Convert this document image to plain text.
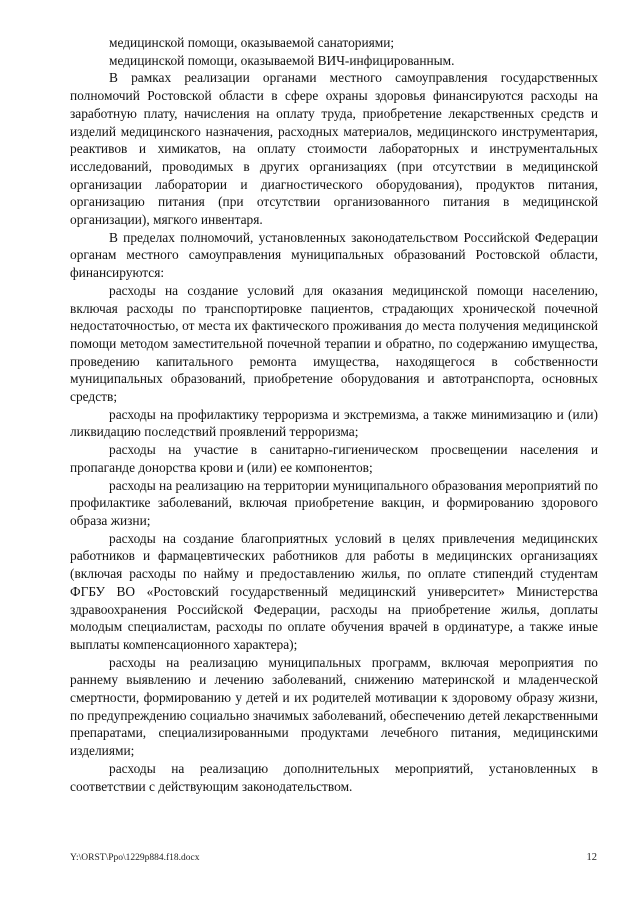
медицинской помощи, оказываемой санаториями;

медицинской помощи, оказываемой ВИЧ-инфицированным.

В рамках реализации органами местного самоуправления государственных полномочий Ростовской области в сфере охраны здоровья финансируются расходы на заработную плату, начисления на оплату труда, приобретение лекарственных средств и изделий медицинского назначения, расходных материалов, медицинского инструментария, реактивов и химикатов, на оплату стоимости лабораторных и инструментальных исследований, проводимых в других организациях (при отсутствии в медицинской организации лаборатории и диагностического оборудования), продуктов питания, организацию питания (при отсутствии организованного питания в медицинской организации), мягкого инвентаря.

В пределах полномочий, установленных законодательством Российской Федерации органам местного самоуправления муниципальных образований Ростовской области, финансируются:

расходы на создание условий для оказания медицинской помощи населению, включая расходы по транспортировке пациентов, страдающих хронической почечной недостаточностью, от места их фактического проживания до места получения медицинской помощи методом заместительной почечной терапии и обратно, по содержанию имущества, проведению капитального ремонта имущества, находящегося в собственности муниципальных образований, приобретение оборудования и автотранспорта, основных средств;

расходы на профилактику терроризма и экстремизма, а также минимизацию и (или) ликвидацию последствий проявлений терроризма;

расходы на участие в санитарно-гигиеническом просвещении населения и пропаганде донорства крови и (или) ее компонентов;

расходы на реализацию на территории муниципального образования мероприятий по профилактике заболеваний, включая приобретение вакцин, и формированию здорового образа жизни;

расходы на создание благоприятных условий в целях привлечения медицинских работников и фармацевтических работников для работы в медицинских организациях (включая расходы по найму и предоставлению жилья, по оплате стипендий студентам ФГБУ ВО «Ростовский государственный медицинский университет» Министерства здравоохранения Российской Федерации, расходы на приобретение жилья, доплаты молодым специалистам, расходы по оплате обучения врачей в ординатуре, а также иные выплаты компенсационного характера);

расходы на реализацию муниципальных программ, включая мероприятия по раннему выявлению и лечению заболеваний, снижению материнской и младенческой смертности, формированию у детей и их родителей мотивации к здоровому образу жизни, по предупреждению социально значимых заболеваний, обеспечению детей лекарственными препаратами, специализированными продуктами лечебного питания, медицинскими изделиями;

расходы на реализацию дополнительных мероприятий, установленных в соответствии с действующим законодательством.

Y:\ORST\Ppo\1229p884.f18.docx	12
